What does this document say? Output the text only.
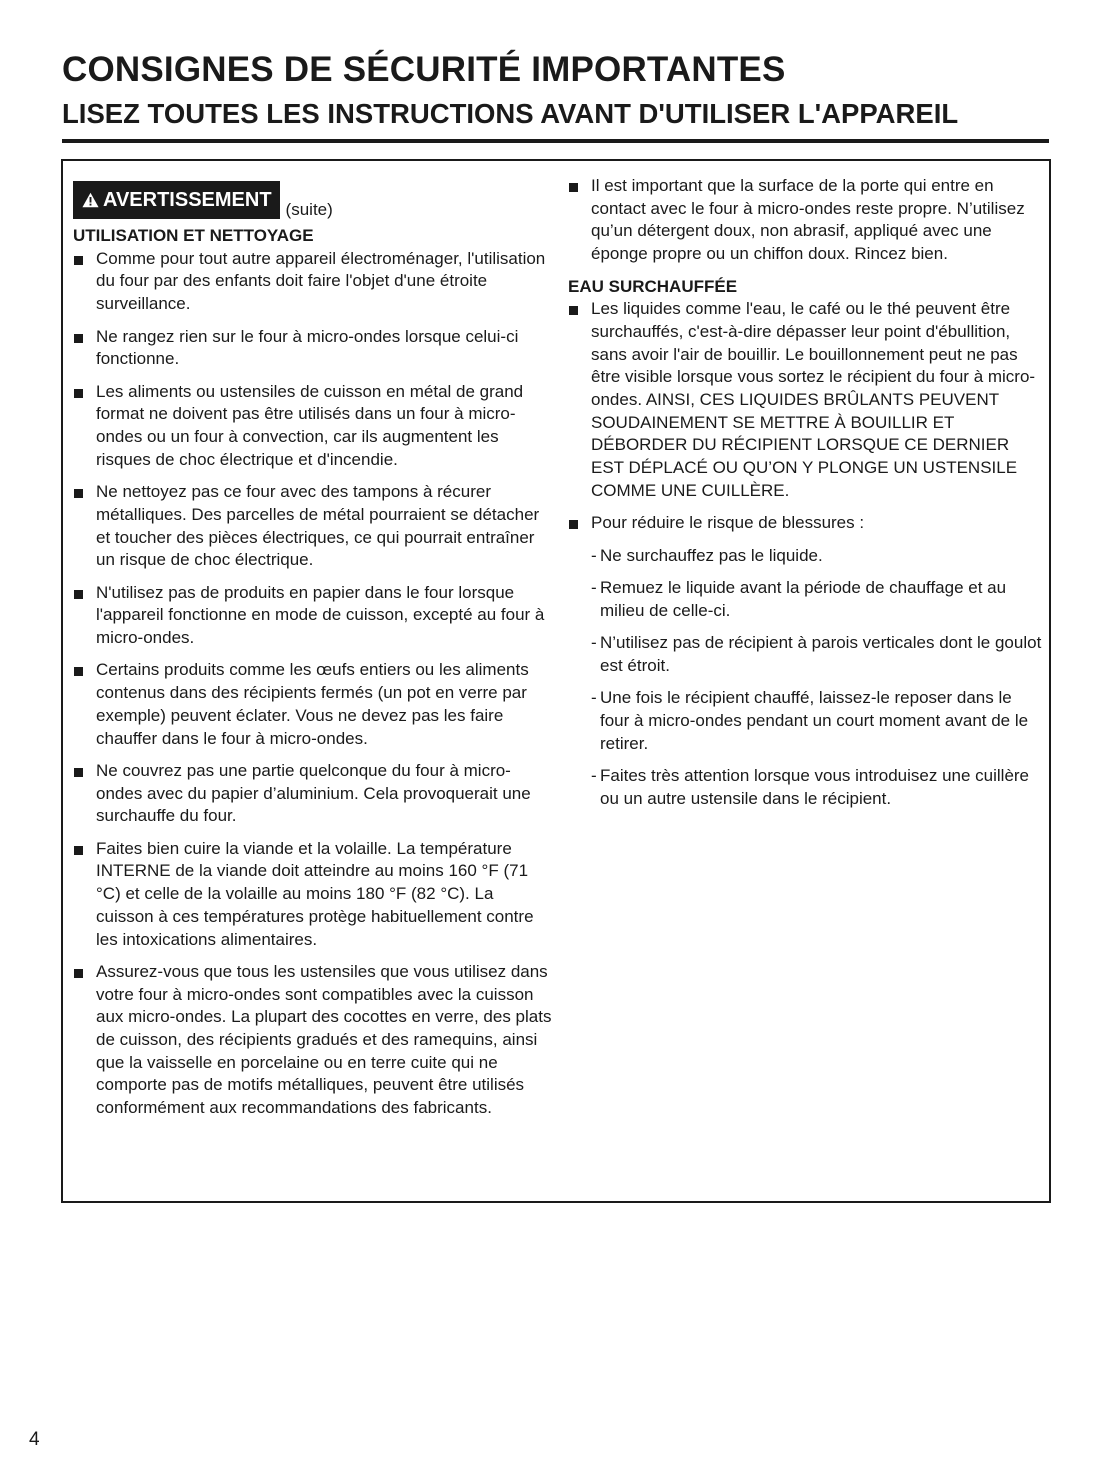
CONSIGNES DE SÉCURITÉ IMPORTANTES
LISEZ TOUTES LES INSTRUCTIONS AVANT D'UTILISER L'APPAREIL
AVERTISSEMENT (suite)
UTILISATION ET NETTOYAGE
Comme pour tout autre appareil électroménager, l'utilisation du four par des enfants doit faire l'objet d'une étroite surveillance.
Ne rangez rien sur le four à micro-ondes lorsque celui-ci fonctionne.
Les aliments ou ustensiles de cuisson en métal de grand format ne doivent pas être utilisés dans un four à micro-ondes ou un four à convection, car ils augmentent les risques de choc électrique et d'incendie.
Ne nettoyez pas ce four avec des tampons à récurer métalliques. Des parcelles de métal pourraient se détacher et toucher des pièces électriques, ce qui pourrait entraîner un risque de choc électrique.
N'utilisez pas de produits en papier dans le four lorsque l'appareil fonctionne en mode de cuisson, excepté au four à micro-ondes.
Certains produits comme les œufs entiers ou les aliments contenus dans des récipients fermés (un pot en verre par exemple) peuvent éclater. Vous ne devez pas les faire chauffer dans le four à micro-ondes.
Ne couvrez pas une partie quelconque du four à micro-ondes avec du papier d’aluminium. Cela provoquerait une surchauffe du four.
Faites bien cuire la viande et la volaille. La température INTERNE de la viande doit atteindre au moins 160 °F (71 °C) et celle de la volaille au moins 180 °F (82 °C). La cuisson à ces températures protège habituellement contre les intoxications alimentaires.
Assurez-vous que tous les ustensiles que vous utilisez dans votre four à micro-ondes sont compatibles avec la cuisson aux micro-ondes. La plupart des cocottes en verre, des plats de cuisson, des récipients gradués et des ramequins, ainsi que la vaisselle en porcelaine ou en terre cuite qui ne comporte pas de motifs métalliques, peuvent être utilisés conformément aux recommandations des fabricants.
Il est important que la surface de la porte qui entre en contact avec le four à micro-ondes reste propre. N’utilisez qu’un détergent doux, non abrasif, appliqué avec une éponge propre ou un chiffon doux. Rincez bien.
EAU SURCHAUFFÉE
Les liquides comme l'eau, le café ou le thé peuvent être surchauffés, c'est-à-dire dépasser leur point d'ébullition, sans avoir l'air de bouillir. Le bouillonnement peut ne pas être visible lorsque vous sortez le récipient du four à micro-ondes. AINSI, CES LIQUIDES BRÛLANTS PEUVENT SOUDAINEMENT SE METTRE À BOUILLIR ET DÉBORDER DU RÉCIPIENT LORSQUE CE DERNIER EST DÉPLACÉ OU QU’ON Y PLONGE UN USTENSILE COMME UNE CUILLÈRE.
Pour réduire le risque de blessures :
- Ne surchauffez pas le liquide.
- Remuez le liquide avant la période de chauffage et au milieu de celle-ci.
- N’utilisez pas de récipient à parois verticales dont le goulot est étroit.
- Une fois le récipient chauffé, laissez-le reposer dans le four à micro-ondes pendant un court moment avant de le retirer.
- Faites très attention lorsque vous introduisez une cuillère ou un autre ustensile dans le récipient.
4
